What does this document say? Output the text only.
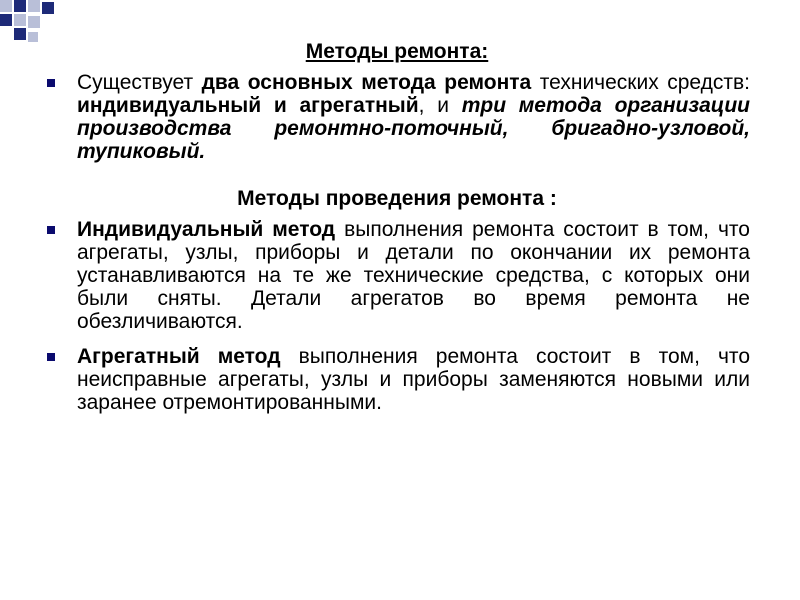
Методы ремонта:
Существует два основных метода ремонта технических средств: индивидуальный и агрегатный, и три метода организации производства ремонтно-поточный, бригадно-узловой, тупиковый.
Методы проведения ремонта :
Индивидуальный метод выполнения ремонта состоит в том, что агрегаты, узлы, приборы и детали по окончании их ремонта устанавливаются на те же технические средства, с которых они были сняты. Детали агрегатов во время ремонта не обезличиваются.
Агрегатный метод выполнения ремонта состоит в том, что неисправные агрегаты, узлы и приборы заменяются новыми или заранее отремонтированными.
